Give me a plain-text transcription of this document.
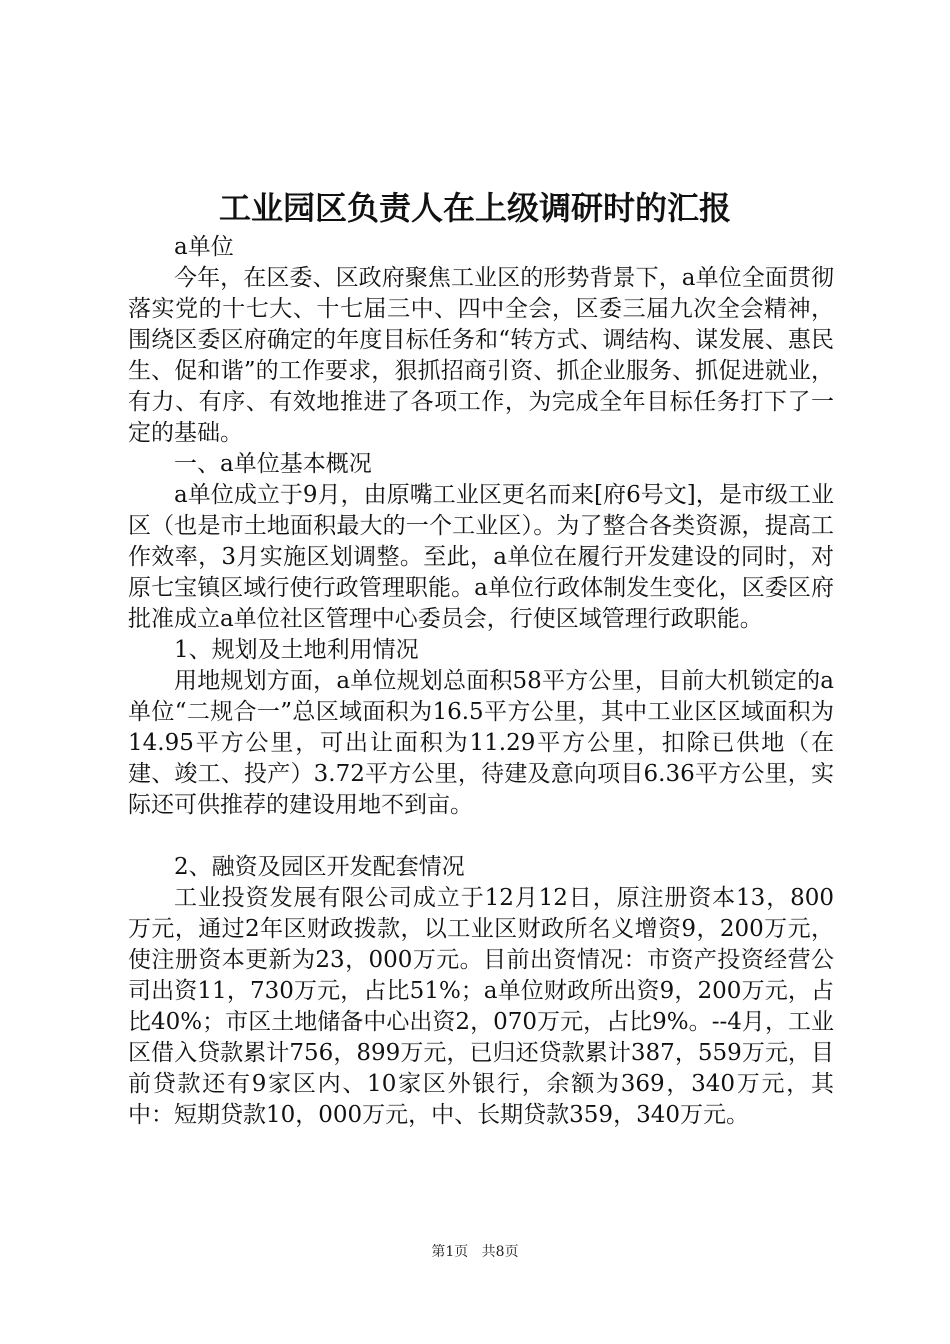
工业园区负责人在上级调研时的汇报

a单位

今年，在区委、区政府聚焦工业区的形势背景下，a单位全面贯彻落实党的十七大、十七届三中、四中全会，区委三届九次全会精神，围绕区委区府确定的年度目标任务和“转方式、调结构、谋发展、惠民生、促和谐”的工作要求，狠抓招商引资、抓企业服务、抓促进就业，有力、有序、有效地推进了各项工作，为完成全年目标任务打下了一定的基础。

一、a单位基本概况

a单位成立于9月，由原嘴工业区更名而来[府6号文]，是市级工业区（也是市土地面积最大的一个工业区）。为了整合各类资源，提高工作效率，3月实施区划调整。至此，a单位在履行开发建设的同时，对原七宝镇区域行使行政管理职能。a单位行政体制发生变化，区委区府批准成立a单位社区管理中心委员会，行使区域管理行政职能。

1、规划及土地利用情况

用地规划方面，a单位规划总面积58平方公里，目前大机锁定的a单位“二规合一”总区域面积为16.5平方公里，其中工业区区域面积为14.95平方公里，可出让面积为11.29平方公里，扣除已供地（在建、竣工、投产）3.72平方公里，待建及意向项目6.36平方公里，实际还可供推荐的建设用地不到亩。

2、融资及园区开发配套情况

工业投资发展有限公司成立于12月12日，原注册资本13，800万元，通过2年区财政拨款，以工业区财政所名义增资9，200万元，使注册资本更新为23，000万元。目前出资情况：市资产投资经营公司出资11，730万元，占比51%；a单位财政所出资9，200万元，占比40%；市区土地储备中心出资2，070万元，占比9%。--4月，工业区借入贷款累计756，899万元，已归还贷款累计387，559万元，目前贷款还有9家区内、10家区外银行，余额为369，340万元，其中：短期贷款10，000万元，中、长期贷款359，340万元。

第1页 共8页
